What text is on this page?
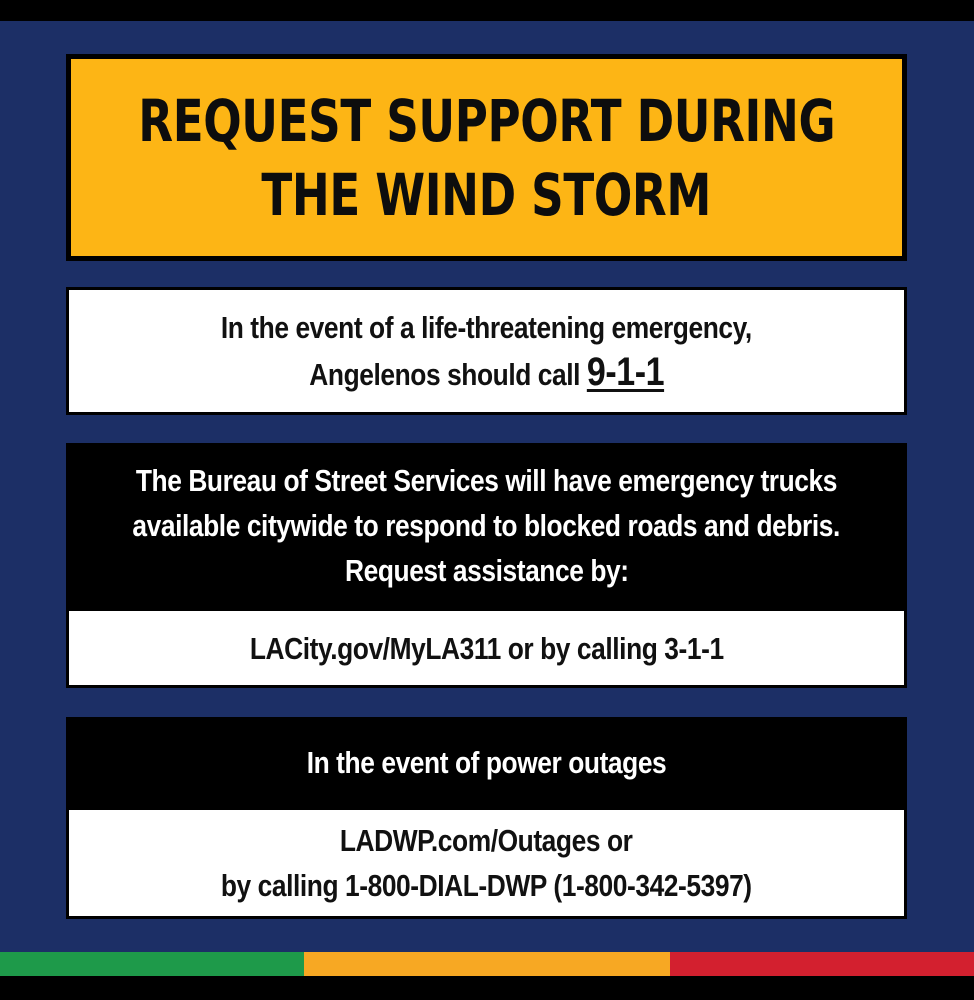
REQUEST SUPPORT DURING
THE WIND STORM
In the event of a life-threatening emergency,
Angelenos should call 9-1-1
The Bureau of Street Services will have emergency trucks
available citywide to respond to blocked roads and debris.
Request assistance by:
LACity.gov/MyLA311 or by calling 3-1-1
In the event of power outages
LADWP.com/Outages or
by calling 1-800-DIAL-DWP (1-800-342-5397)
